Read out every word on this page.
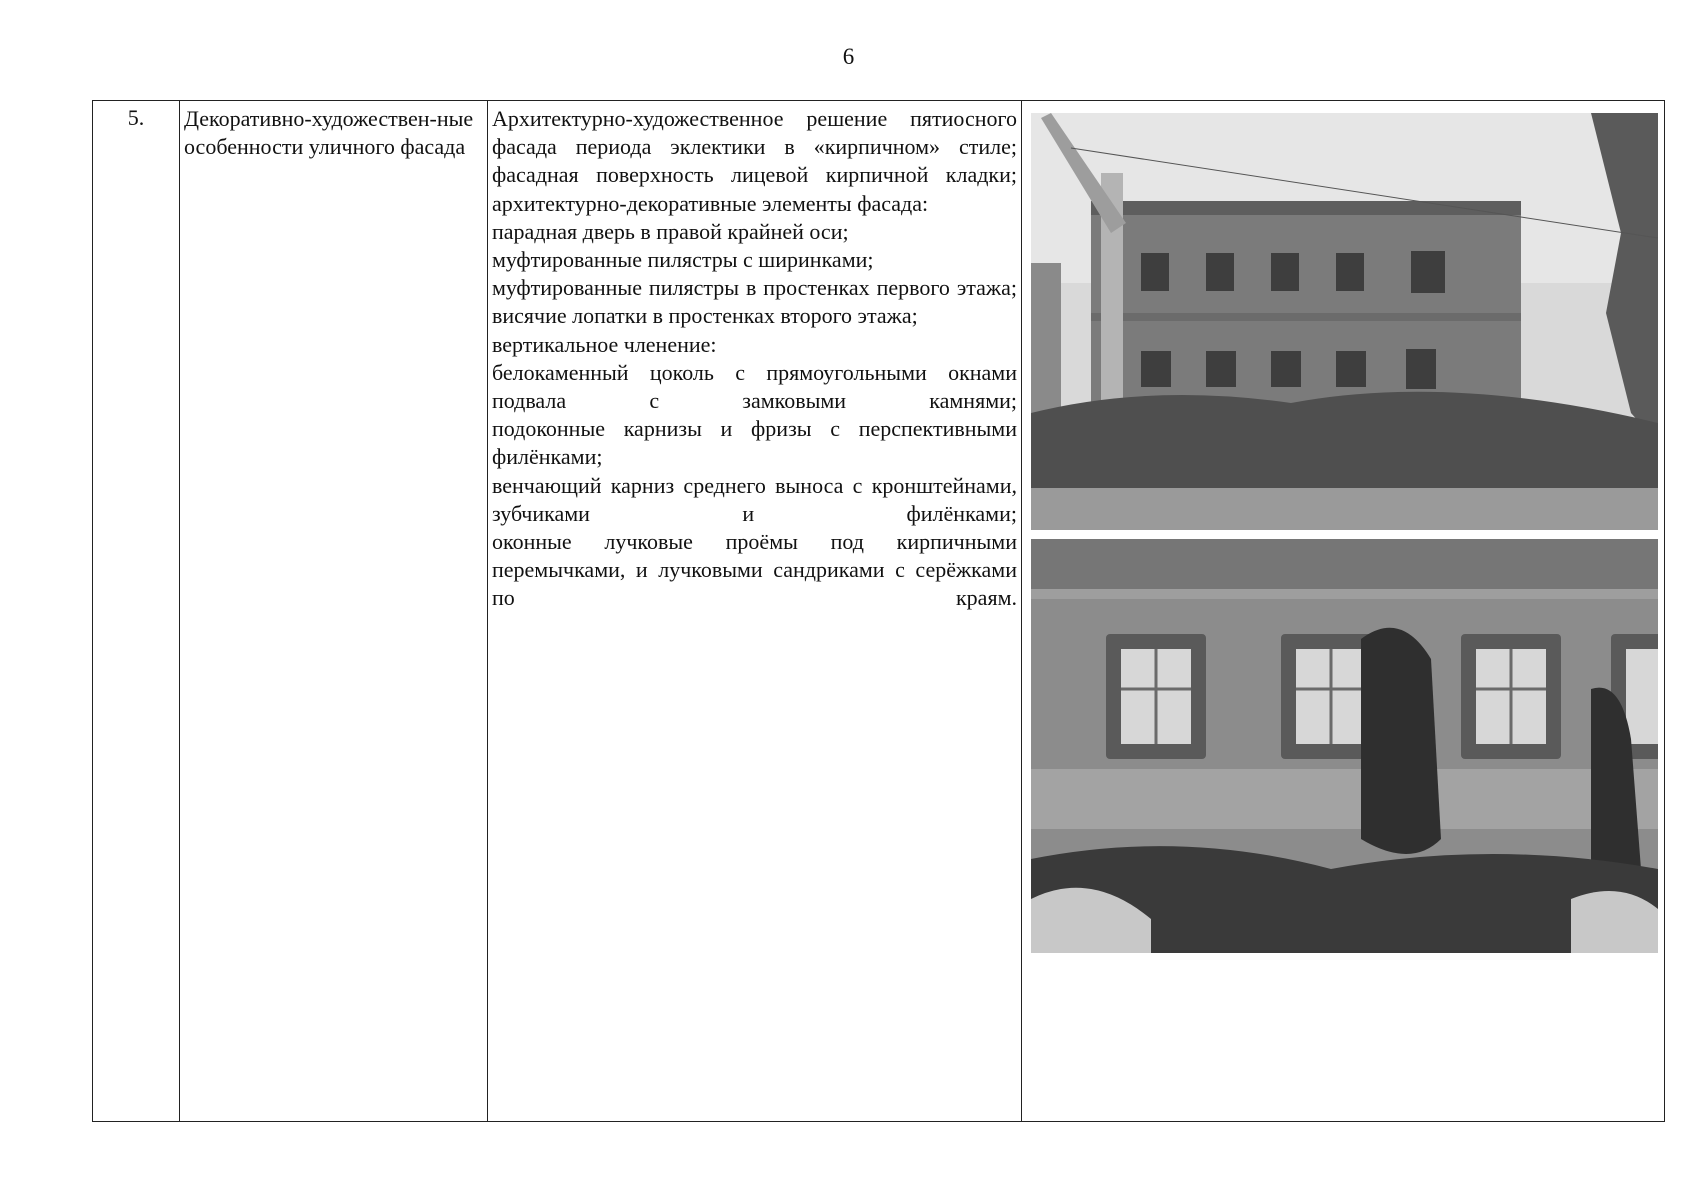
6
5.	Декоративно-художествен-ные особенности уличного фасада

Архитектурно-художественное решение пятиосного фасада периода эклектики в «кирпичном» стиле;

фасадная поверхность лицевой кирпичной кладки;

архитектурно-декоративные элементы фасада:

парадная дверь в правой крайней оси;

муфтированные пилястры с ширинками;

муфтированные пилястры в простенках первого этажа;

висячие лопатки в простенках второго этажа;

вертикальное членение:

белокаменный цоколь с прямоугольными окнами подвала с замковыми камнями;

подоконные карнизы и фризы с перспективными филёнками;

венчающий карниз среднего выноса с кронштейнами, зубчиками и филёнками;

оконные лучковые проёмы под кирпичными перемычками, и лучковыми сандриками с серёжками по краям.
